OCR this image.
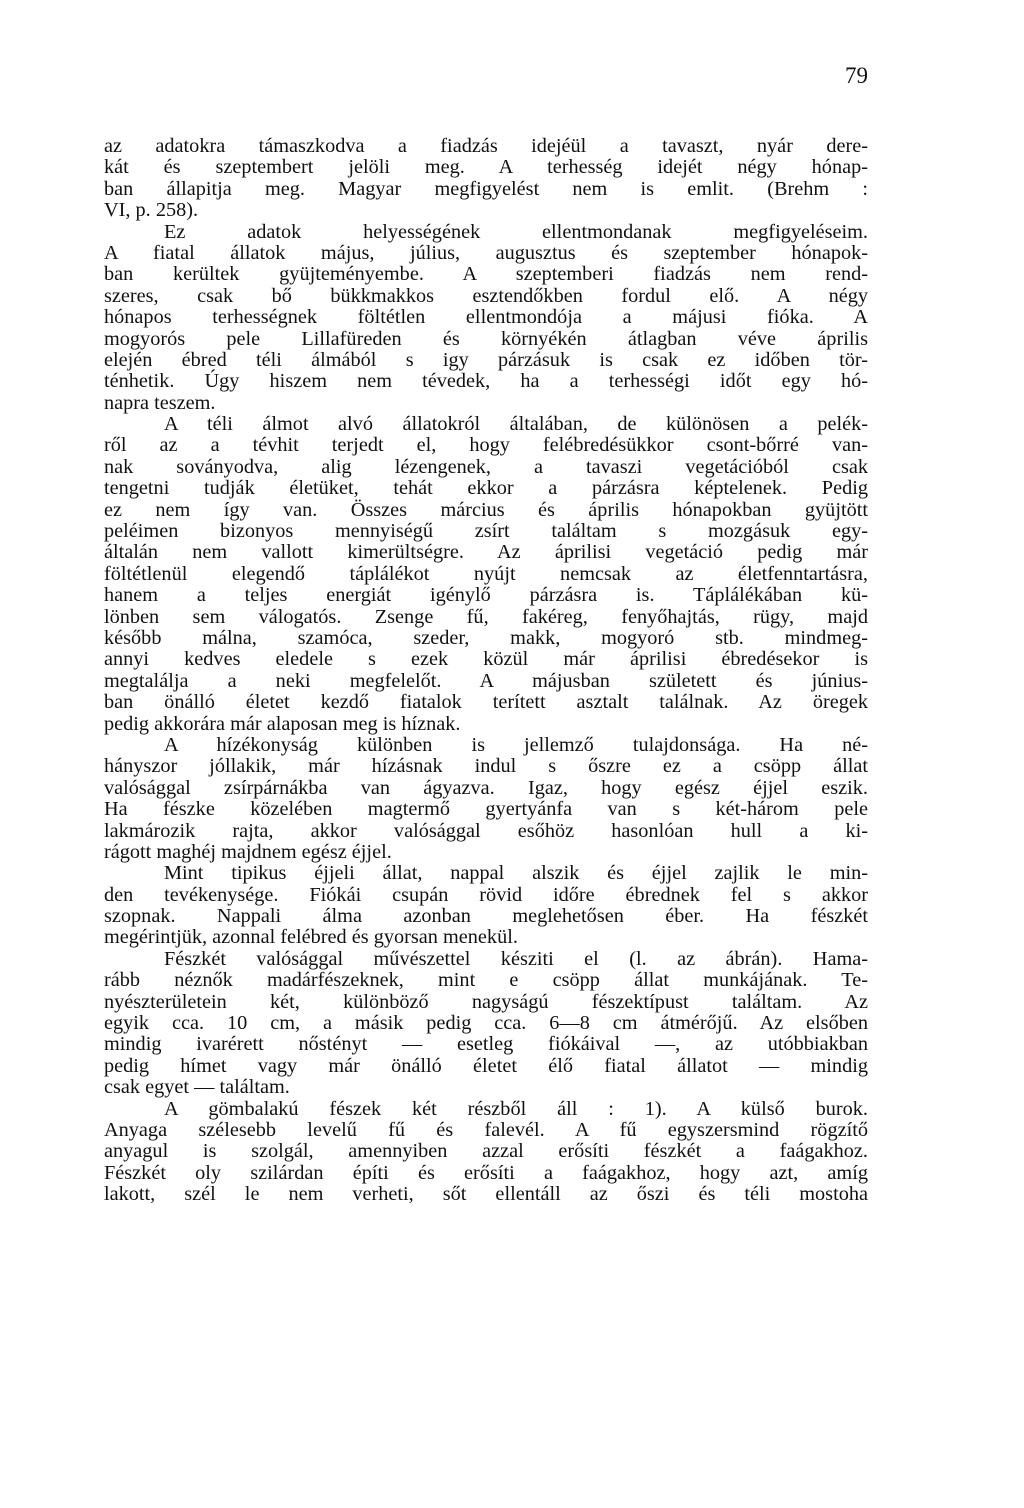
79
az adatokra támaszkodva a fiadzás idejéül a tavaszt, nyár dere-
kát és szeptembert jelöli meg. A terhesség idejét négy hónap-
ban állapitja meg. Magyar megfigyelést nem is emlit. (Brehm :
VI, p. 258).
Ez adatok helyességének ellentmondanak megfigyeléseim.
A fiatal állatok május, július, augusztus és szeptember hónapok-
ban kerültek gyüjteményembe. A szeptemberi fiadzás nem rend-
szeres, csak bő bükkmakkos esztendőkben fordul elő. A négy
hónapos terhességnek föltétlen ellentmondója a májusi fióka. A
mogyorós pele Lillafüreden és környékén átlagban véve április
elején ébred téli álmából s igy párzásuk is csak ez időben tör-
ténhetik. Úgy hiszem nem tévedek, ha a terhességi időt egy hó-
napra teszem.
A téli álmot alvó állatokról általában, de különösen a pelék-
ről az a tévhit terjedt el, hogy felébredésükkor csont-bőrré van-
nak soványodva, alig lézengenek, a tavaszi vegetációból csak
tengetni tudják életüket, tehát ekkor a párzásra képtelenek. Pedig
ez nem így van. Összes március és április hónapokban gyüjtött
peléimen bizonyos mennyiségű zsírt találtam s mozgásuk egy-
általán nem vallott kimerültségre. Az áprilisi vegetáció pedig már
föltétlenül elegendő táplálékot nyújt nemcsak az életfenntartásra,
hanem a teljes energiát igénylő párzásra is. Táplálékában kü-
lönben sem válogatós. Zsenge fű, fakéreg, fenyőhajtás, rügy, majd
később málna, szamóca, szeder, makk, mogyoró stb. mindmeg-
annyi kedves eledele s ezek közül már áprilisi ébredésekor is
megtalálja a neki megfelelőt. A májusban született és június-
ban önálló életet kezdő fiatalok terített asztalt találnak. Az öregek
pedig akkorára már alaposan meg is híznak.
A hízékonyság különben is jellemző tulajdonsága. Ha né-
hányszor jóllakik, már hízásnak indul s őszre ez a csöpp állat
valósággal zsírpárnákba van ágyazva. Igaz, hogy egész éjjel eszik.
Ha fészke közelében magtermő gyertyánfa van s két-három pele
lakmározik rajta, akkor valósággal esőhöz hasonlóan hull a ki-
rágott maghéj majdnem egész éjjel.
Mint tipikus éjjeli állat, nappal alszik és éjjel zajlik le min-
den tevékenysége. Fiókái csupán rövid időre ébrednek fel s akkor
szopnak. Nappali álma azonban meglehetősen éber. Ha fészkét
megérintjük, azonnal felébred és gyorsan menekül.
Fészkét valósággal művészettel késziti el (l. az ábrán). Hama-
rább néznők madárfészeknek, mint e csöpp állat munkájának. Te-
nyészterületein két, különböző nagyságú fészektípust találtam. Az
egyik cca. 10 cm, a másik pedig cca. 6—8 cm átmérőjű. Az elsőben
mindig ivarérett nőstényt — esetleg fiókáival —, az utóbbiakban
pedig hímet vagy már önálló életet élő fiatal állatot — mindig
csak egyet — találtam.
A gömbalakú fészek két részből áll : 1). A külső burok.
Anyaga szélesebb levelű fű és falevél. A fű egyszersmind rögzítő
anyagul is szolgál, amennyiben azzal erősíti fészkét a faágakhoz.
Fészkét oly szilárdan építi és erősíti a faágakhoz, hogy azt, amíg
lakott, szél le nem verheti, sőt ellentáll az őszi és téli mostoha
